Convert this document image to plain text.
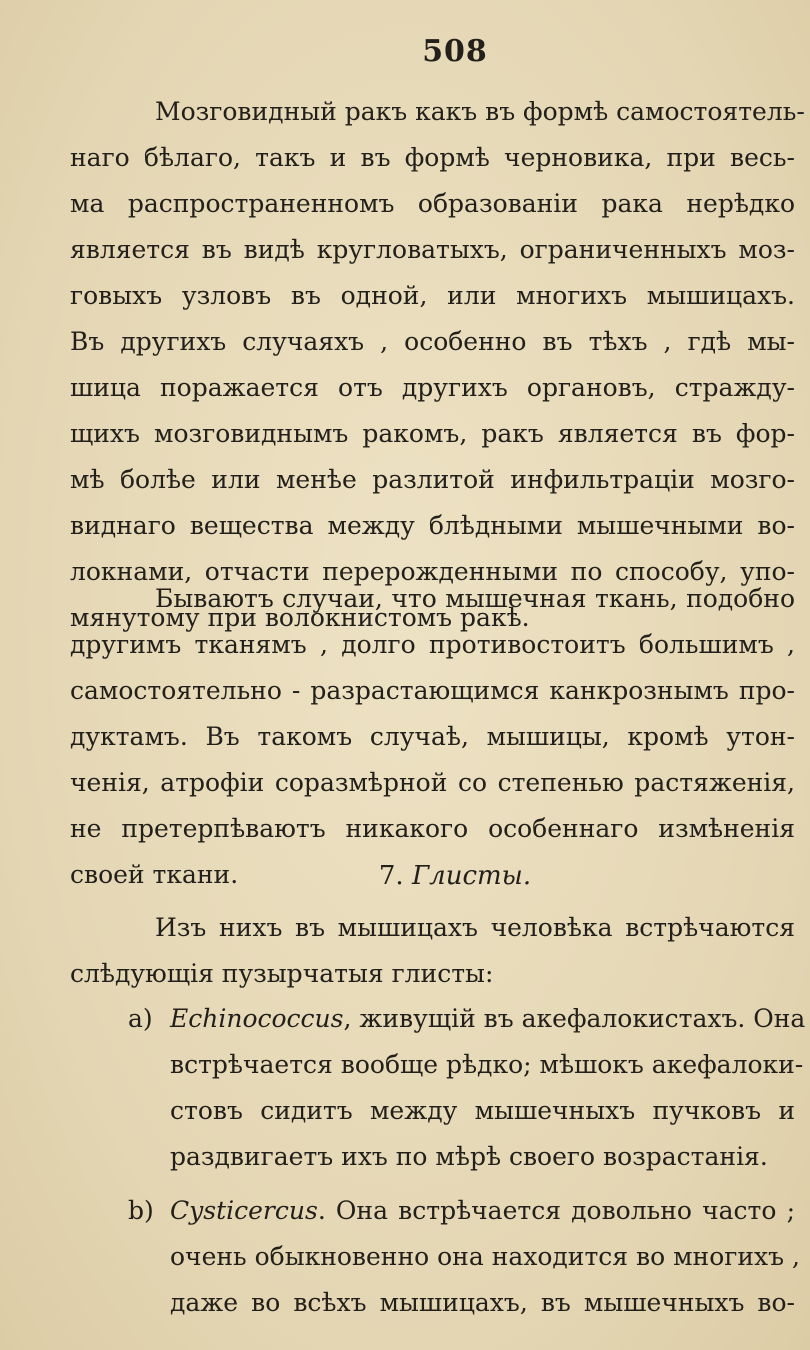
508
Мозговидный ракъ какъ въ формѣ самостоятель-
наго бѣлаго, такъ и въ формѣ черновика, при весь-
ма распространенномъ образованіи рака нерѣдко
является въ видѣ кругловатыхъ, ограниченныхъ моз-
говыхъ узловъ въ одной, или многихъ мышицахъ.
Въ другихъ случаяхъ , особенно въ тѣхъ , гдѣ мы-
шица поражается отъ другихъ органовъ, стражду-
щихъ мозговиднымъ ракомъ, ракъ является въ фор-
мѣ болѣе или менѣе разлитой инфильтраціи мозго-
виднаго вещества между блѣдными мышечными во-
локнами, отчасти перерожденными по способу, упо-
мянутому при волокнистомъ ракѣ.
Бываютъ случаи, что мышечная ткань, подобно
другимъ тканямъ , долго противостоитъ большимъ ,
самостоятельно - разрастающимся канкрознымъ про-
дуктамъ. Въ такомъ случаѣ, мышицы, кромѣ утон-
ченія, атрофіи соразмѣрной со степенью растяженія,
не претерпѣваютъ никакого особеннаго измѣненія
своей ткани.	7. Глисты.
Изъ нихъ въ мышицахъ человѣка встрѣчаются
слѣдующія пузырчатыя глисты:
a) Echinococcus , живущій въ акефалокистахъ. Она
встрѣчается вообще рѣдко; мѣшокъ акефалоки-
стовъ сидитъ между мышечныхъ пучковъ и
раздвигаетъ ихъ по мѣрѣ своего возрастанія.
b) Cysticercus . Она встрѣчается довольно часто ;
очень обыкновенно она находится во многихъ ,
даже во всѣхъ мышицахъ, въ мышечныхъ во-
